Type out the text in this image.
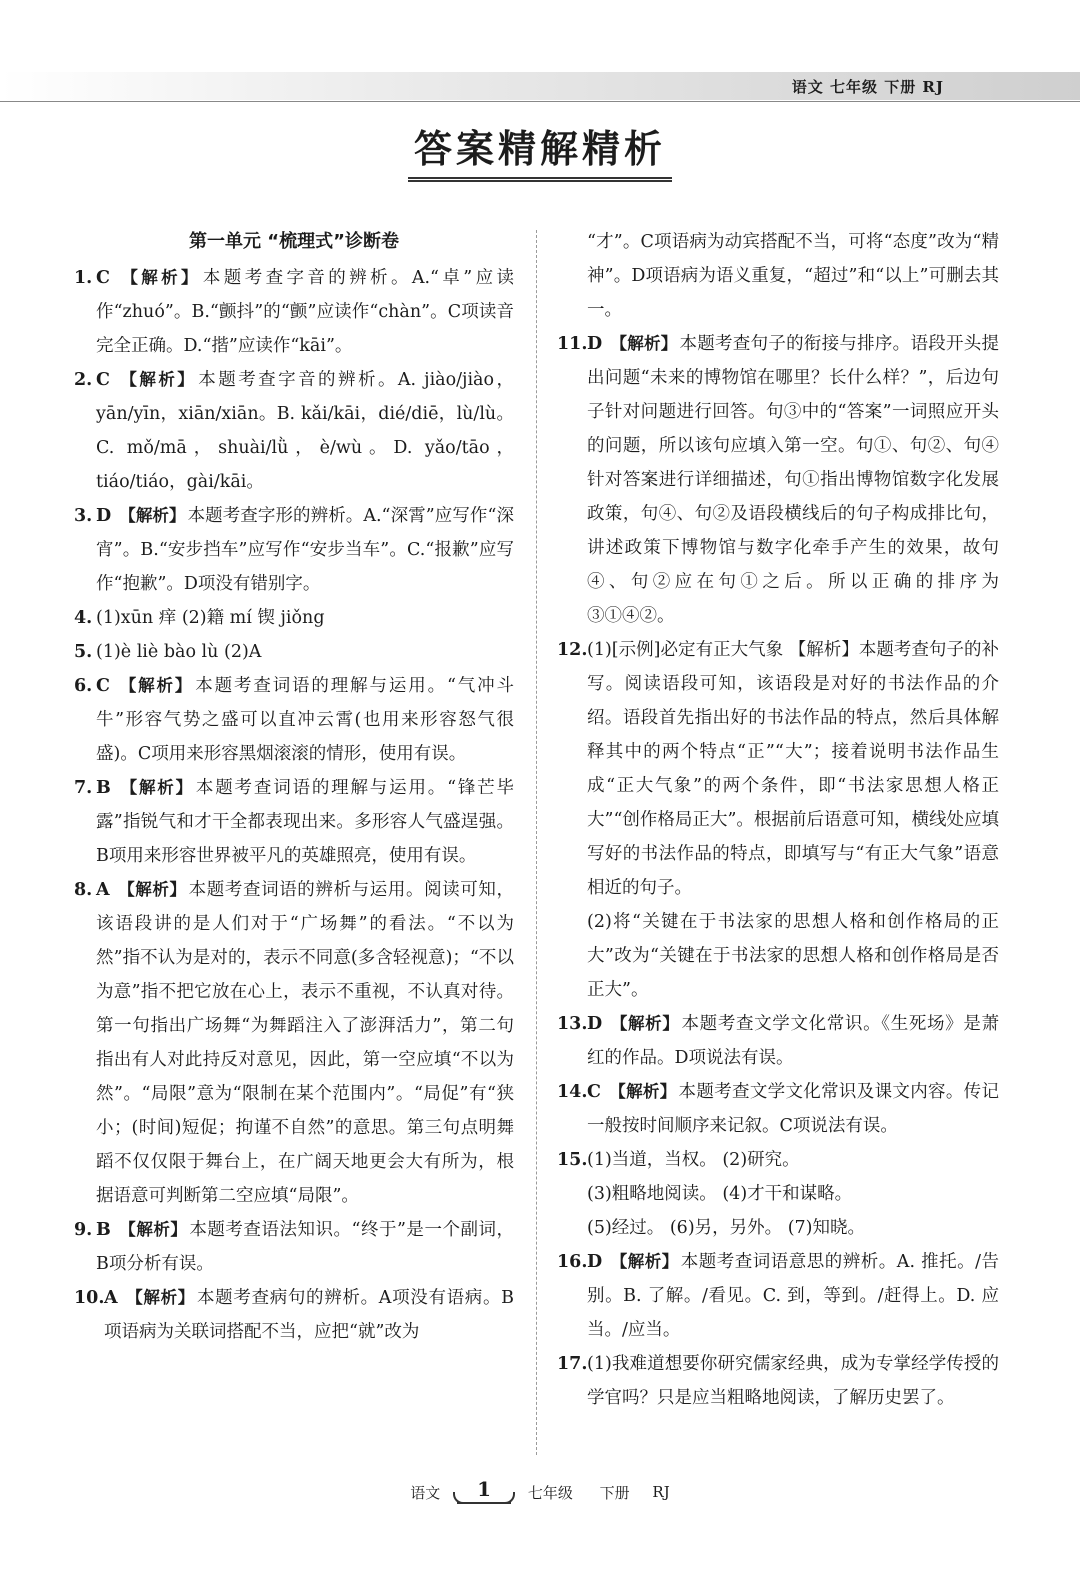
语文 七年级 下册 RJ
答案精解精析
第一单元 “梳理式”诊断卷
1. C 【解析】 本题考查字音的辨析。A.“卓”应读作“zhuó”。B.“颤抖”的“颤”应读作“chàn”。C项读音完全正确。D.“揩”应读作“kāi”。
2. C 【解析】 本题考查字音的辨析。A. jiào/jiào，yān/yīn，xiān/xiān。B. kǎi/kāi，dié/diē，lù/lù。C. mǒ/mā，shuài/lǜ，è/wù。D. yǎo/tāo，tiáo/tiáo，gài/kāi。
3. D 【解析】 本题考查字形的辨析。A.“深霄”应写作“深宵”。B.“安步挡车”应写作“安步当车”。C.“报歉”应写作“抱歉”。D项没有错别字。
4. (1)xūn 痒 (2)籍 mí 锲 jiǒng
5. (1)è liè bào lù (2)A
6. C 【解析】 本题考查词语的理解与运用。“气冲斗牛”形容气势之盛可以直冲云霄(也用来形容怒气很盛)。C项用来形容黑烟滚滚的情形，使用有误。
7. B 【解析】 本题考查词语的理解与运用。“锋芒毕露”指锐气和才干全都表现出来。多形容人气盛逞强。B项用来形容世界被平凡的英雄照亮，使用有误。
8. A 【解析】 本题考查词语的辨析与运用。阅读可知，该语段讲的是人们对于“广场舞”的看法。“不以为然”指不认为是对的，表示不同意(多含轻视意)；“不以为意”指不把它放在心上，表示不重视，不认真对待。第一句指出广场舞“为舞蹈注入了澎湃活力”，第二句指出有人对此持反对意见，因此，第一空应填“不以为然”。“局限”意为“限制在某个范围内”。“局促”有“狭小；(时间)短促；拘谨不自然”的意思。第三句点明舞蹈不仅仅限于舞台上，在广阔天地更会大有所为，根据语意可判断第二空应填“局限”。
9. B 【解析】 本题考查语法知识。“终于”是一个副词，B项分析有误。
10. A 【解析】 本题考查病句的辨析。A项没有语病。B项语病为关联词搭配不当，应把“就”改为
“才”。C项语病为动宾搭配不当，可将“态度”改为“精神”。D项语病为语义重复，“超过”和“以上”可删去其一。
11. D 【解析】 本题考查句子的衔接与排序。语段开头提出问题“未来的博物馆在哪里？长什么样？”，后边句子针对问题进行回答。句③中的“答案”一词照应开头的问题，所以该句应填入第一空。句①、句②、句④针对答案进行详细描述，句①指出博物馆数字化发展政策，句④、句②及语段横线后的句子构成排比句，讲述政策下博物馆与数字化牵手产生的效果，故句④、句②应在句①之后。所以正确的排序为③①④②。
12. (1)[示例]必定有正大气象 【解析】本题考查句子的补写。阅读语段可知，该语段是对好的书法作品的介绍。语段首先指出好的书法作品的特点，然后具体解释其中的两个特点“正”“大”；接着说明书法作品生成“正大气象”的两个条件，即“书法家思想人格正大”“创作格局正大”。根据前后语意可知，横线处应填写好的书法作品的特点，即填写与“有正大气象”语意相近的句子。
(2)将“关键在于书法家的思想人格和创作格局的正大”改为“关键在于书法家的思想人格和创作格局是否正大”。
13. D 【解析】 本题考查文学文化常识。《生死场》是萧红的作品。D项说法有误。
14. C 【解析】 本题考查文学文化常识及课文内容。传记一般按时间顺序来记叙。C项说法有误。
15. (1)当道，当权。 (2)研究。
(3)粗略地阅读。 (4)才干和谋略。
(5)经过。 (6)另，另外。 (7)知晓。
16. D 【解析】 本题考查词语意思的辨析。A. 推托。/告别。B. 了解。/看见。C. 到，等到。/赶得上。D. 应当。/应当。
17. (1)我难道想要你研究儒家经典，成为专掌经学传授的学官吗？只是应当粗略地阅读，了解历史罢了。
语文 1 七年级 下册 RJ
